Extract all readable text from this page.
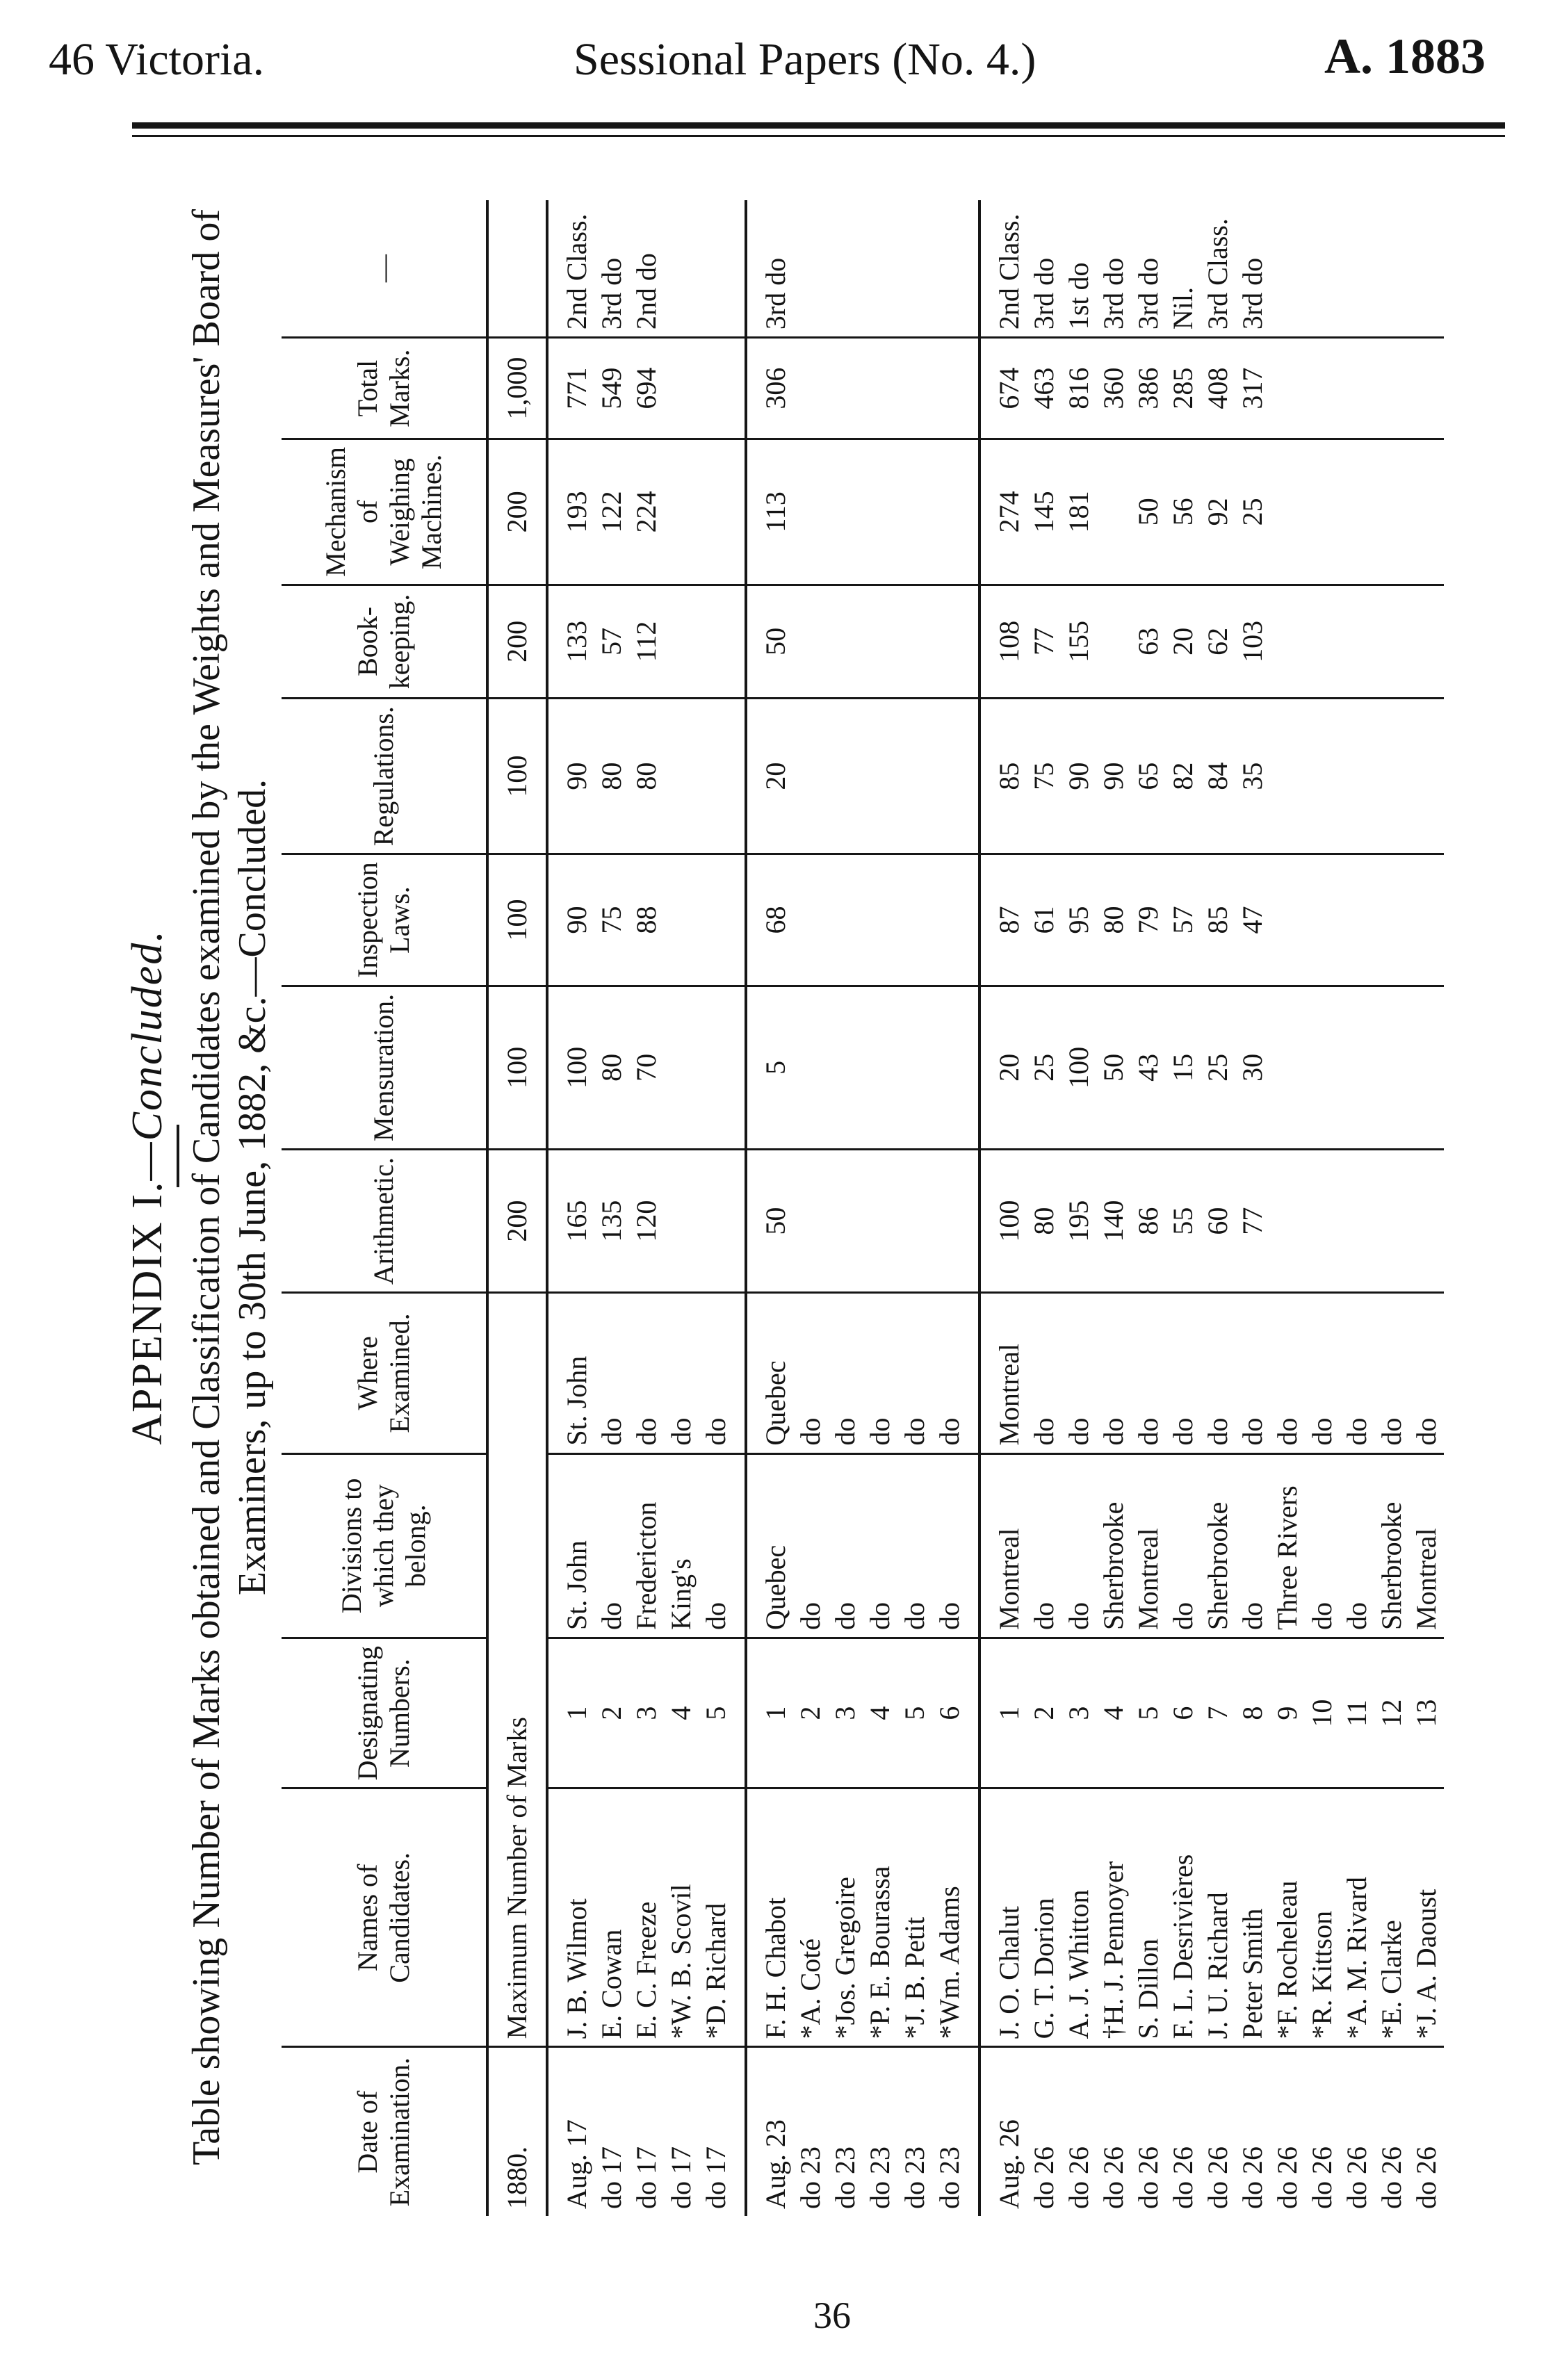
46 Victoria.	Sessional Papers (No. 4.)	A. 1883
APPENDIX I.—Concluded. Table showing Number of Marks obtained and Classification of Candidates examined by the Weights and Measures' Board of Examiners, up to 30th June, 1882, &c.—Concluded.
Date of Examination.	Names of Candidates.	Designating Numbers.	Divisions to which they belong.	Where Examined.	Arithmetic.	Mensuration.	Inspection Laws.	Regulations.	Book-keeping.	Mechanism of Weighing Machines.	Total Marks.	—
1880.	Maximum Number of Marks				200	100	100	100	200	200	1,000	
Aug. 17	J. B. Wilmot	1	St. John	St. John	165	100	90	90	133	193	771	2nd Class.
do 17	E. Cowan	2	do	do	135	80	75	80	57	122	549	3rd do
do 17	E. C. Freeze	3	Fredericton	do	120	70	88	80	112	224	694	2nd do
do 17	*W. B. Scovil	4	King's	do								
do 17	*D. Richard	5	do	do								
Aug. 23	F. H. Chabot	1	Quebec	Quebec	50	5	68	20	50	113	306	3rd do
do 23	*A. Coté	2	do	do								
do 23	*Jos. Gregoire	3	do	do								
do 23	*P. E. Bourassa	4	do	do								
do 23	*J. B. Petit	5	do	do								
do 23	*Wm. Adams	6	do	do								
Aug. 26	J. O. Chalut	1	Montreal	Montreal	100	20	87	85	108	274	674	2nd Class.
do 26	G. T. Dorion	2	do	do	80	25	61	75	77	145	463	3rd do
do 26	A. J. Whitton	3	do	do	195	100	95	90	155	181	816	1st do
do 26	†H. J. Pennoyer	4	Sherbrooke	do	140	50	80	90			360	3rd do
do 26	S. Dillon	5	Montreal	do	86	43	79	65	63	50	386	3rd do
do 26	F. L. Desrivières	6	do	do	55	15	57	82	20	56	285	Nil.
do 26	J. U. Richard	7	Sherbrooke	do	60	25	85	84	62	92	408	3rd Class.
do 26	Peter Smith	8	do	do	77	30	47	35	103	25	317	3rd do
do 26	*F. Rocheleau	9	Three Rivers	do								
do 26	*R. Kittson	10	do	do								
do 26	*A. M. Rivard	11	do	do								
do 26	*E. Clarke	12	Sherbrooke	do								
do 26	*J. A. Daoust	13	Montreal	do								
36
